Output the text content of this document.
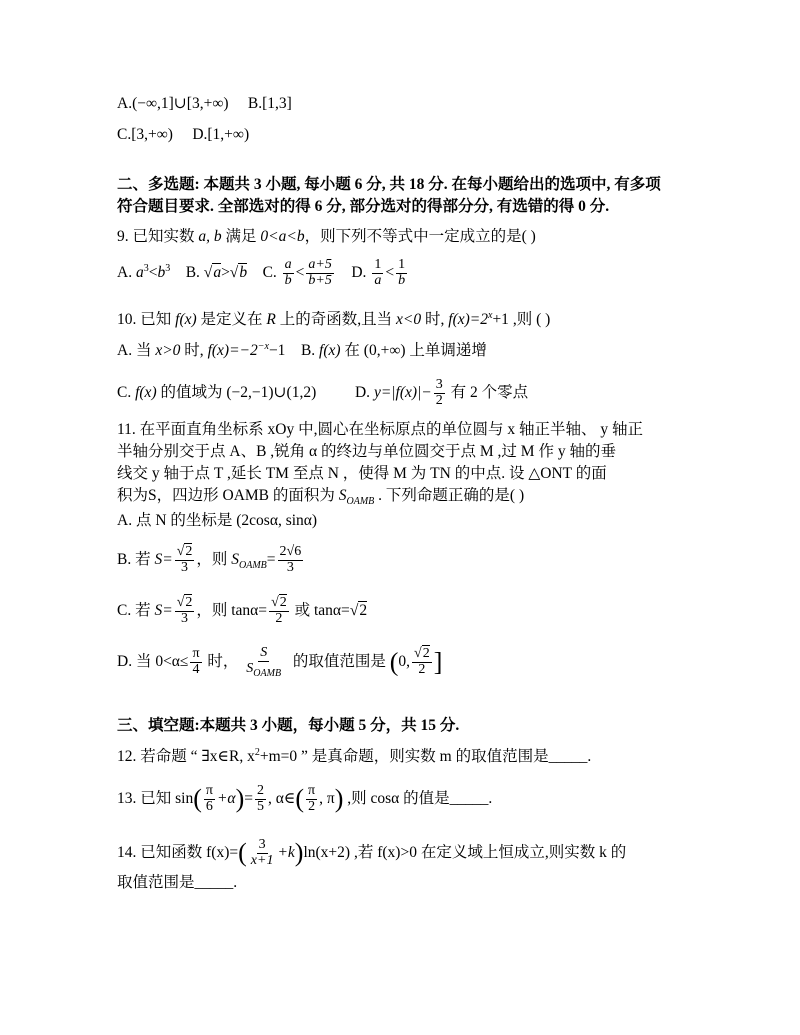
A.(−∞,1]∪[3,+∞) B.[1,3]
C.[3,+∞) D.[1,+∞)
二、多选题: 本题共 3 小题, 每小题 6 分, 共 18 分. 在每小题给出的选项中, 有多项
符合题目要求. 全部选对的得 6 分, 部分选对的得部分分, 有选错的得 0 分.
9. 已知实数 a, b 满足 0<a<b，则下列不等式中一定成立的是( )
A. $a^3<b^3$ B. √a>√b C. $\frac{a}{b} < \frac{a+5}{b+5} D$. $\frac{1}{a} < \frac{1}{b}$
10. 已知 f(x) 是定义在 R 上的奇函数,且当 x<0 时, $f(x)=2^x+1$ ,则 ( )
A. 当 x>0 时, $f(x)=-2^{-x}-1$ B. f(x) 在 (0,+∞) 上单调递增
C. f(x) 的值域为 (−2,−1)∪(1,2)	D. $y=|f(x)|- \frac{3}{2}$ 有 2 个零点
11. 在平面直角坐标系 xOy 中,圆心在坐标原点的单位圆与 x 轴正半轴、 y 轴正
半轴分别交于点 A、B ,锐角 α 的终边与单位圆交于点 M ,过 M 作 y 轴的垂
线交 y 轴于点 T ,延长 TM 至点 N ，使得 M 为 TN 的中点. 设 △ONT 的面
积为S，四边形 OAMB 的面积为 $S_{OAMB}$ . 下列命题正确的是( )
A. 点 N 的坐标是 (2cosα, sinα)
B. 若 $S= \frac{√2}{3}$ ，则 $S_{OAMB}= \frac{2√6}{3}$
C. 若 $S= \frac{√2}{3}$ ，则 $\tan\alpha= \frac{√2}{2}$ 或 tanα=√2
D. 当 $0<\alpha\le \frac{\pi}{4}$ 时， $\frac{S}{S_{OAMB}}$ 的取值范围是 (0, $\frac{√2}{2}$ ]
三、填空题:本题共 3 小题，每小题 5 分，共 15 分.
12. 若命题 “ ∃x∈R, $x^2+m=0$ ” 是真命题，则实数 m 的取值范围是_____.
13. 已知 $\sin( \frac{\pi}{6} +\alpha)= \frac{2}{5}$ , α∈( $\frac{\pi}{2}$ , π) ,则 cosα 的值是_____.
14. 已知函数 $f(x)=( \frac{3}{x+1} +k)\ln(x+2)$ ,若 f(x)>0 在定义域上恒成立,则实数 k 的
取值范围是_____.
